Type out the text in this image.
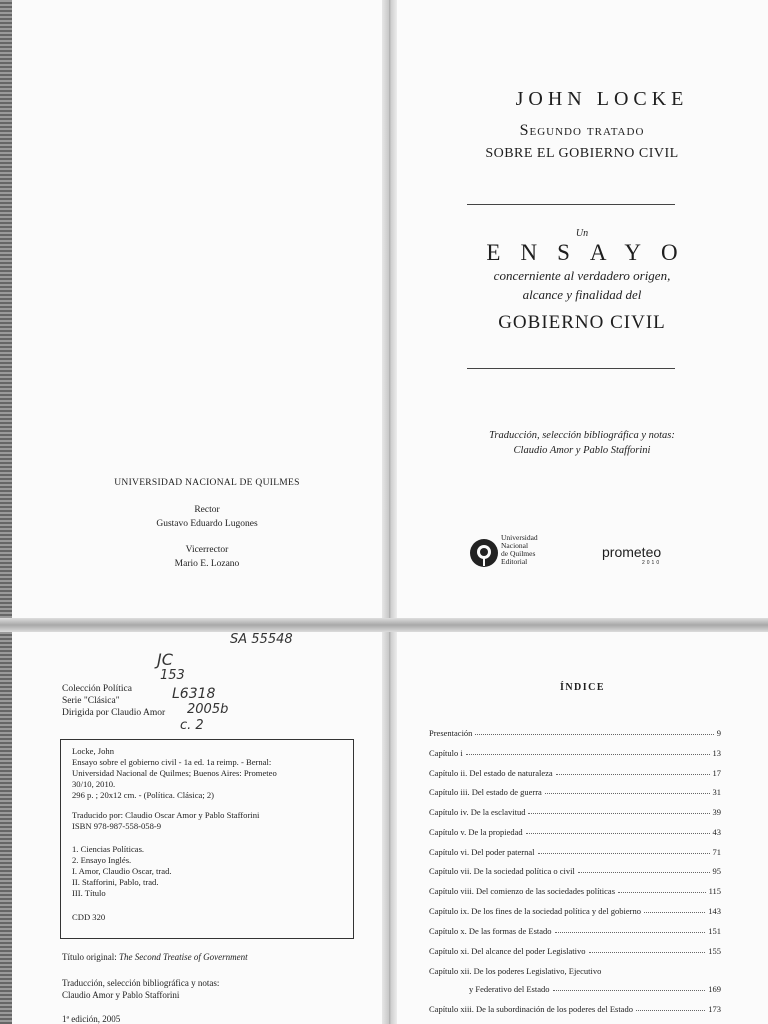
UNIVERSIDAD NACIONAL DE QUILMES
Rector
Gustavo Eduardo Lugones
Vicerrector
Mario E. Lozano
JOHN LOCKE
Segundo tratado
SOBRE EL GOBIERNO CIVIL
Un
ENSAYO
concerniente al verdadero origen,
alcance y finalidad del
GOBIERNO CIVIL
Traducción, selección bibliográfica y notas:
Claudio Amor y Pablo Stafforini
Universidad
Nacional
de Quilmes
Editorial
prometeo
2010
SA 55548
JC
153
L6318
2005b
c. 2
Colección Política
Serie "Clásica"
Dirigida por Claudio Amor
Locke, John
Ensayo sobre el gobierno civil - 1a ed. 1a reimp. - Bernal:
Universidad Nacional de Quilmes; Buenos Aires: Prometeo
30/10, 2010.
296 p. ; 20x12 cm. - (Política. Clásica; 2)
Traducido por: Claudio Oscar Amor y Pablo Stafforini
ISBN 978-987-558-058-9
1. Ciencias Políticas.
2. Ensayo Inglés.
I. Amor, Claudio Oscar, trad.
II. Stafforini, Pablo, trad.
III. Título
CDD 320
Título original: The Second Treatise of Government
Traducción, selección bibliográfica y notas:
Claudio Amor y Pablo Stafforini
1ª edición, 2005
ÍNDICE
Presentación	9
Capítulo i	13
Capítulo ii. Del estado de naturaleza	17
Capítulo iii. Del estado de guerra	31
Capítulo iv. De la esclavitud	39
Capítulo v. De la propiedad	43
Capítulo vi. Del poder paternal	71
Capítulo vii. De la sociedad política o civil	95
Capítulo viii. Del comienzo de las sociedades políticas	115
Capítulo ix. De los fines de la sociedad política y del gobierno	143
Capítulo x. De las formas de Estado	151
Capítulo xi. Del alcance del poder Legislativo	155
Capítulo xii. De los poderes Legislativo, Ejecutivo
y Federativo del Estado	169
Capítulo xiii. De la subordinación de los poderes del Estado	173
